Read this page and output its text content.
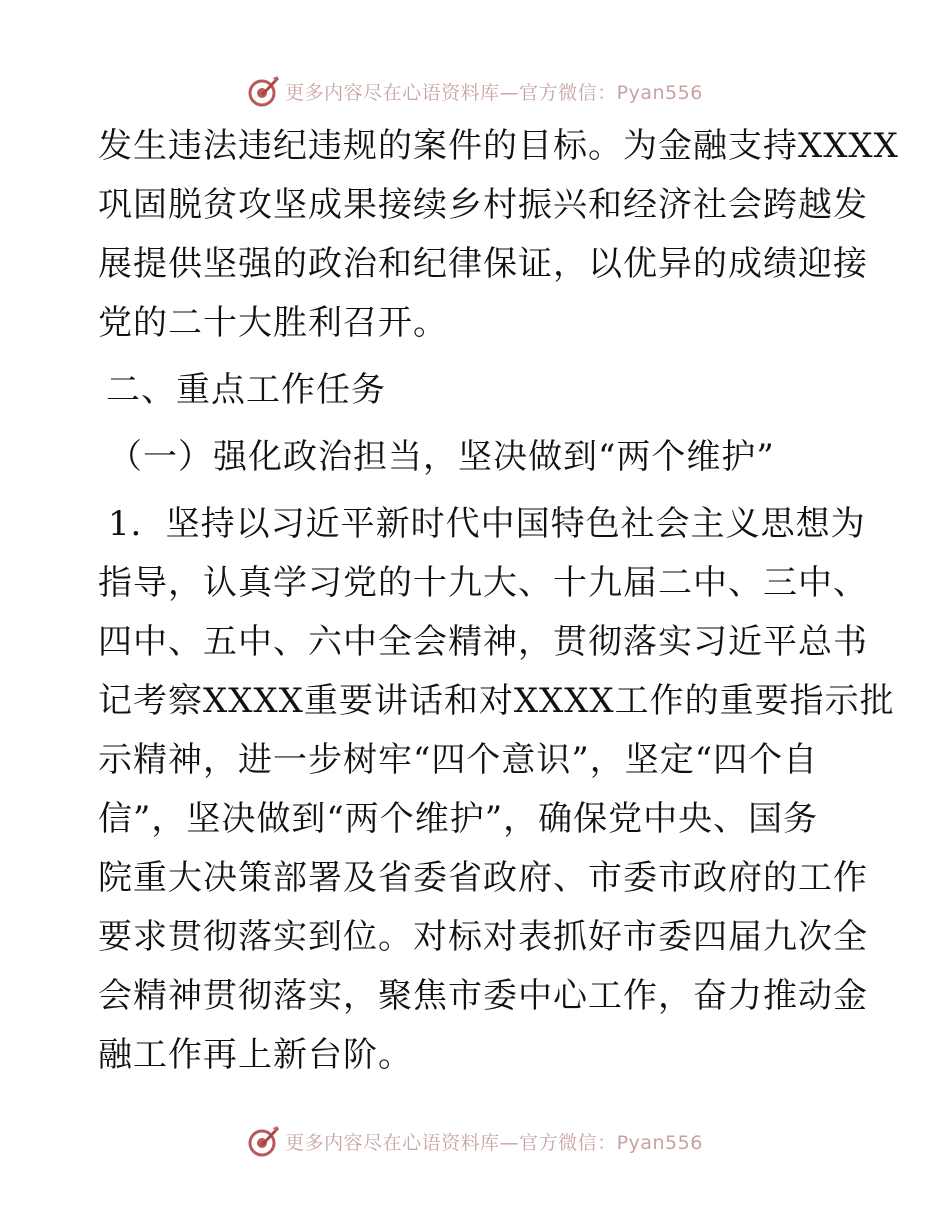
更多内容尽在心语资料库—官方微信：Pyan556
发生违法违纪违规的案件的目标。为金融支持XXXX
巩固脱贫攻坚成果接续乡村振兴和经济社会跨越发
展提供坚强的政治和纪律保证，以优异的成绩迎接
党的二十大胜利召开。
二、重点工作任务
（一）强化政治担当，坚决做到“两个维护”
1．坚持以习近平新时代中国特色社会主义思想为
指导，认真学习党的十九大、十九届二中、三中、
四中、五中、六中全会精神，贯彻落实习近平总书
记考察XXXX重要讲话和对XXXX工作的重要指示批
示精神，进一步树牢“四个意识”，坚定“四个自
信”，坚决做到“两个维护”，确保党中央、国务
院重大决策部署及省委省政府、市委市政府的工作
要求贯彻落实到位。对标对表抓好市委四届九次全
会精神贯彻落实，聚焦市委中心工作，奋力推动金
融工作再上新台阶。
更多内容尽在心语资料库—官方微信：Pyan556
